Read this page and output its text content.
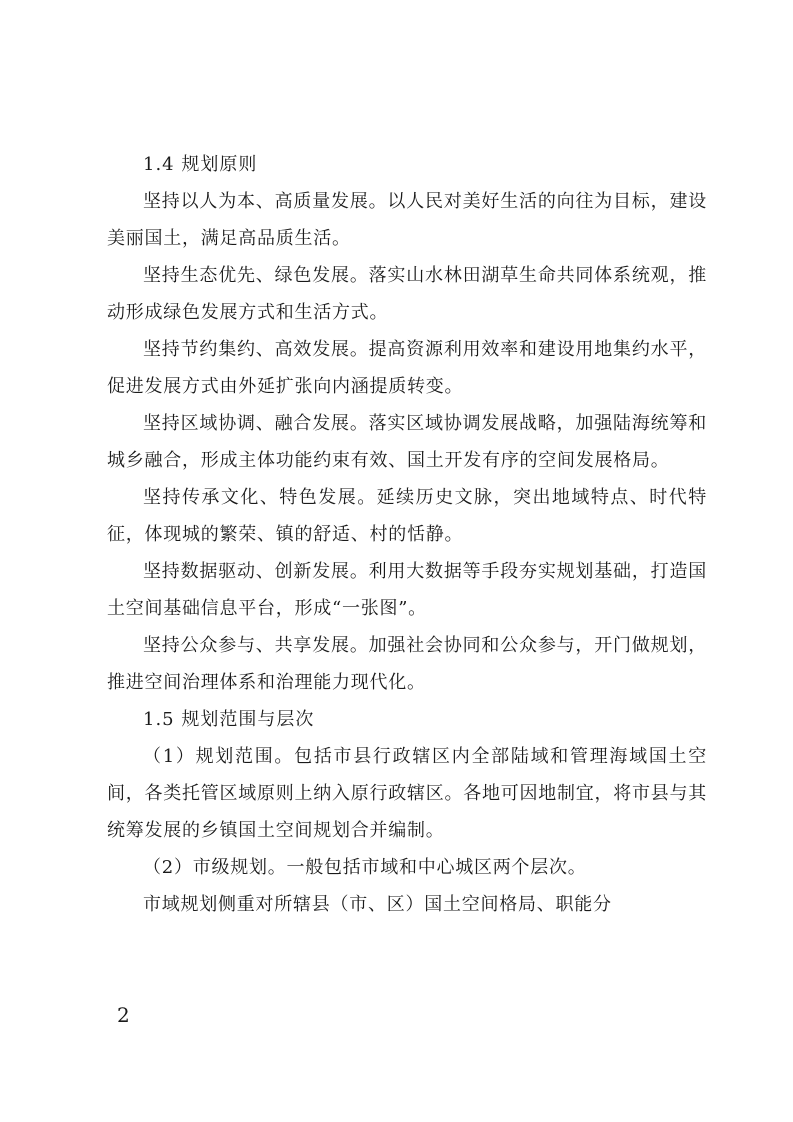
1.4 规划原则

坚持以人为本、高质量发展。以人民对美好生活的向往为目标，建设美丽国土，满足高品质生活。

坚持生态优先、绿色发展。落实山水林田湖草生命共同体系统观，推动形成绿色发展方式和生活方式。

坚持节约集约、高效发展。提高资源利用效率和建设用地集约水平，促进发展方式由外延扩张向内涵提质转变。

坚持区域协调、融合发展。落实区域协调发展战略，加强陆海统筹和城乡融合，形成主体功能约束有效、国土开发有序的空间发展格局。

坚持传承文化、特色发展。延续历史文脉，突出地域特点、时代特征，体现城的繁荣、镇的舒适、村的恬静。

坚持数据驱动、创新发展。利用大数据等手段夯实规划基础，打造国土空间基础信息平台，形成“一张图”。

坚持公众参与、共享发展。加强社会协同和公众参与，开门做规划，推进空间治理体系和治理能力现代化。

1.5 规划范围与层次

（1）规划范围。包括市县行政辖区内全部陆域和管理海域国土空间，各类托管区域原则上纳入原行政辖区。各地可因地制宜，将市县与其统筹发展的乡镇国土空间规划合并编制。

（2）市级规划。一般包括市域和中心城区两个层次。

市域规划侧重对所辖县（市、区）国土空间格局、职能分

2
